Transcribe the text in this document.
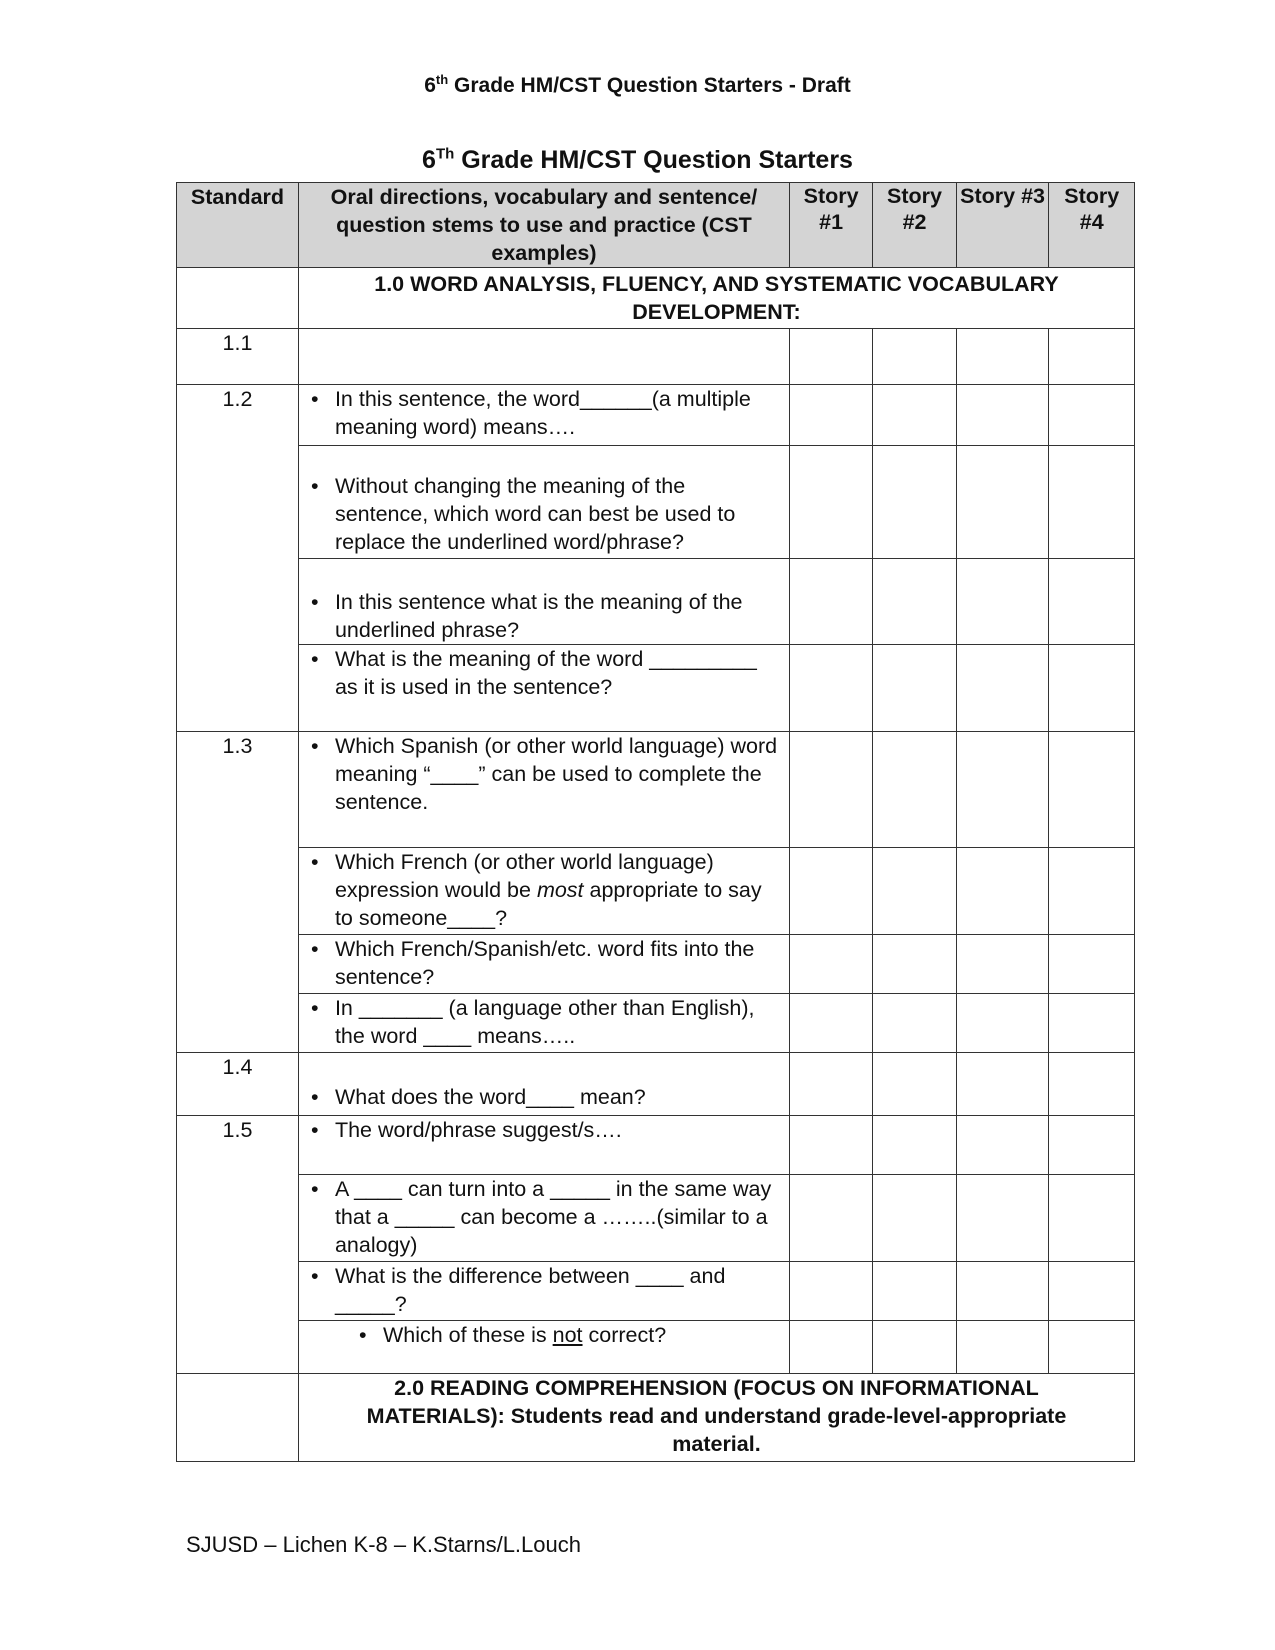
6th Grade HM/CST Question Starters - Draft
6Th Grade HM/CST Question Starters
Standard	Oral directions, vocabulary and sentence/ question stems to use and practice (CST examples)	Story #1	Story #2	Story #3	Story #4
	1.0 WORD ANALYSIS, FLUENCY, AND SYSTEMATIC VOCABULARY DEVELOPMENT:				
1.1					
1.2	• In this sentence, the word______(a multiple meaning word) means….				

	• Without changing the meaning of the sentence, which word can best be used to replace the underlined word/phrase?				

	• In this sentence what is the meaning of the underlined phrase?				

	• What is the meaning of the word _________ as it is used in the sentence?				

1.3	• Which Spanish (or other world language) word meaning “____” can be used to complete the sentence.				

	• Which French (or other world language) expression would be most appropriate to say to someone____?				

	• Which French/Spanish/etc. word fits into the sentence?				

	• In _______ (a language other than English), the word ____ means…..				

1.4	• What does the word____ mean?				

1.5	• The word/phrase suggest/s….				

	• A ____ can turn into a _____ in the same way that a _____ can become a ……..(similar to a analogy)				

	• What is the difference between ____ and _____?				

	• Which of these is not correct?				

	2.0 READING COMPREHENSION (FOCUS ON INFORMATIONAL MATERIALS): Students read and understand grade-level-appropriate material.				
SJUSD – Lichen K-8 – K.Starns/L.Louch
